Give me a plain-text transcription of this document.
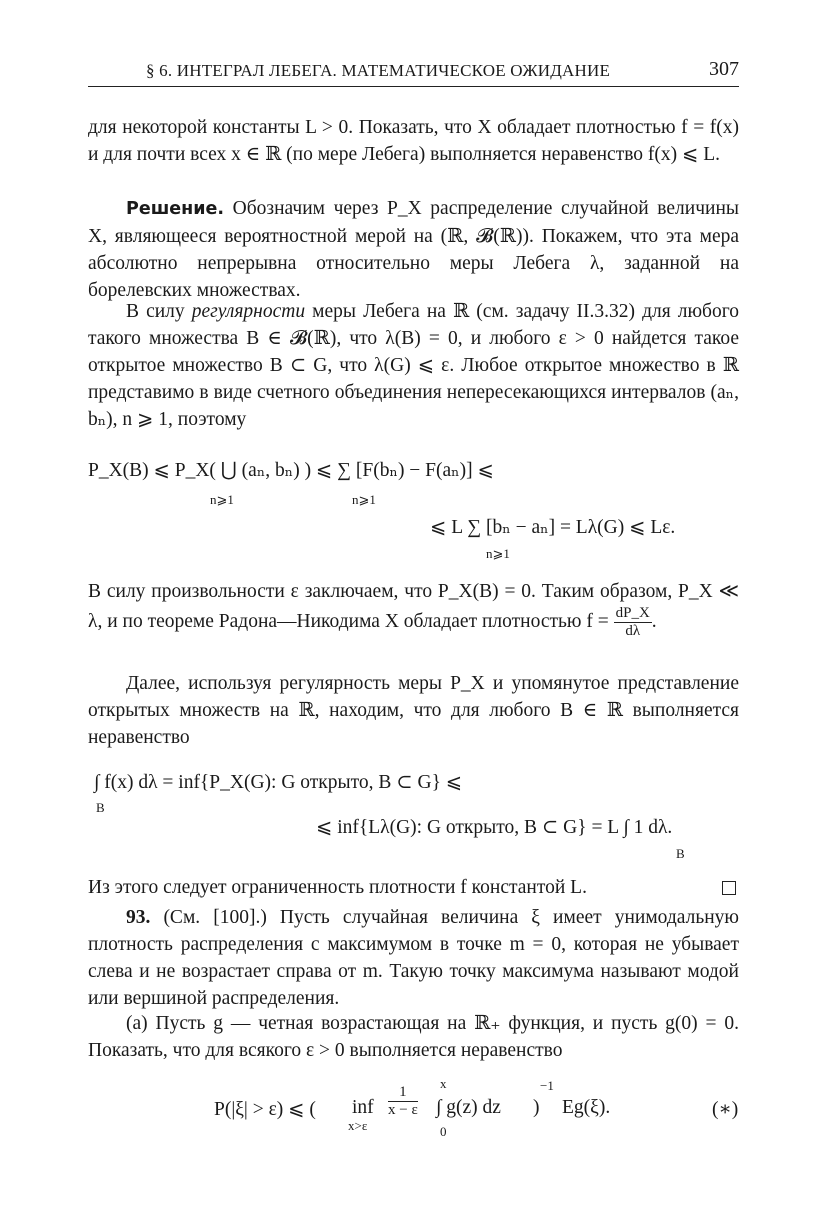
§ 6. ИНТЕГРАЛ ЛЕБЕГА. МАТЕМАТИЧЕСКОЕ ОЖИДАНИЕ	307
для некоторой константы L > 0. Показать, что X обладает плотностью f = f(x) и для почти всех x ∈ ℝ (по мере Лебега) выполняется неравенство f(x) ⩽ L.
Решение. Обозначим через P_X распределение случайной величины X, являющееся вероятностной мерой на (ℝ, 𝓑(ℝ)). Покажем, что эта мера абсолютно непрерывна относительно меры Лебега λ, заданной на борелевских множествах.
В силу регулярности меры Лебега на ℝ (см. задачу II.3.32) для любого такого множества B ∈ 𝓑(ℝ), что λ(B) = 0, и любого ε > 0 найдется такое открытое множество B ⊂ G, что λ(G) ⩽ ε. Любое открытое множество в ℝ представимо в виде счетного объединения непересекающихся интервалов (aₙ, bₙ), n ⩾ 1, поэтому
P_X(B) ⩽ P_X( ⋃ (aₙ, bₙ) ) ⩽ ∑ [F(bₙ) − F(aₙ)] ⩽
n⩾1	n⩾1
⩽ L ∑ [bₙ − aₙ] = Lλ(G) ⩽ Lε.
n⩾1
В силу произвольности ε заключаем, что P_X(B) = 0. Таким образом, P_X ≪ λ, и по теореме Радона—Никодима X обладает плотностью $f = \frac{dP\_X}{d\lambda}$ .
Далее, используя регулярность меры P_X и упомянутое представление открытых множеств на ℝ, находим, что для любого B ∈ ℝ выполняется неравенство
∫ f(x) dλ = inf{P_X(G): G открыто, B ⊂ G} ⩽
B
⩽ inf{Lλ(G): G открыто, B ⊂ G} = L ∫ 1 dλ.
B
Из этого следует ограниченность плотности f константой L.
93. (См. [100].) Пусть случайная величина ξ имеет унимодальную плотность распределения с максимумом в точке m = 0, которая не убывает слева и не возрастает справа от m. Такую точку максимума называют модой или вершиной распределения.
(a) Пусть g — четная возрастающая на ℝ₊ функция, и пусть g(0) = 0. Показать, что для всякого ε > 0 выполняется неравенство
P(|ξ| > ε) ⩽ ( inf
x>ε
$\frac{1}{x - \varepsilon}$
x
∫ g(z) dz
0
)
−1
Eg(ξ).	(∗)
